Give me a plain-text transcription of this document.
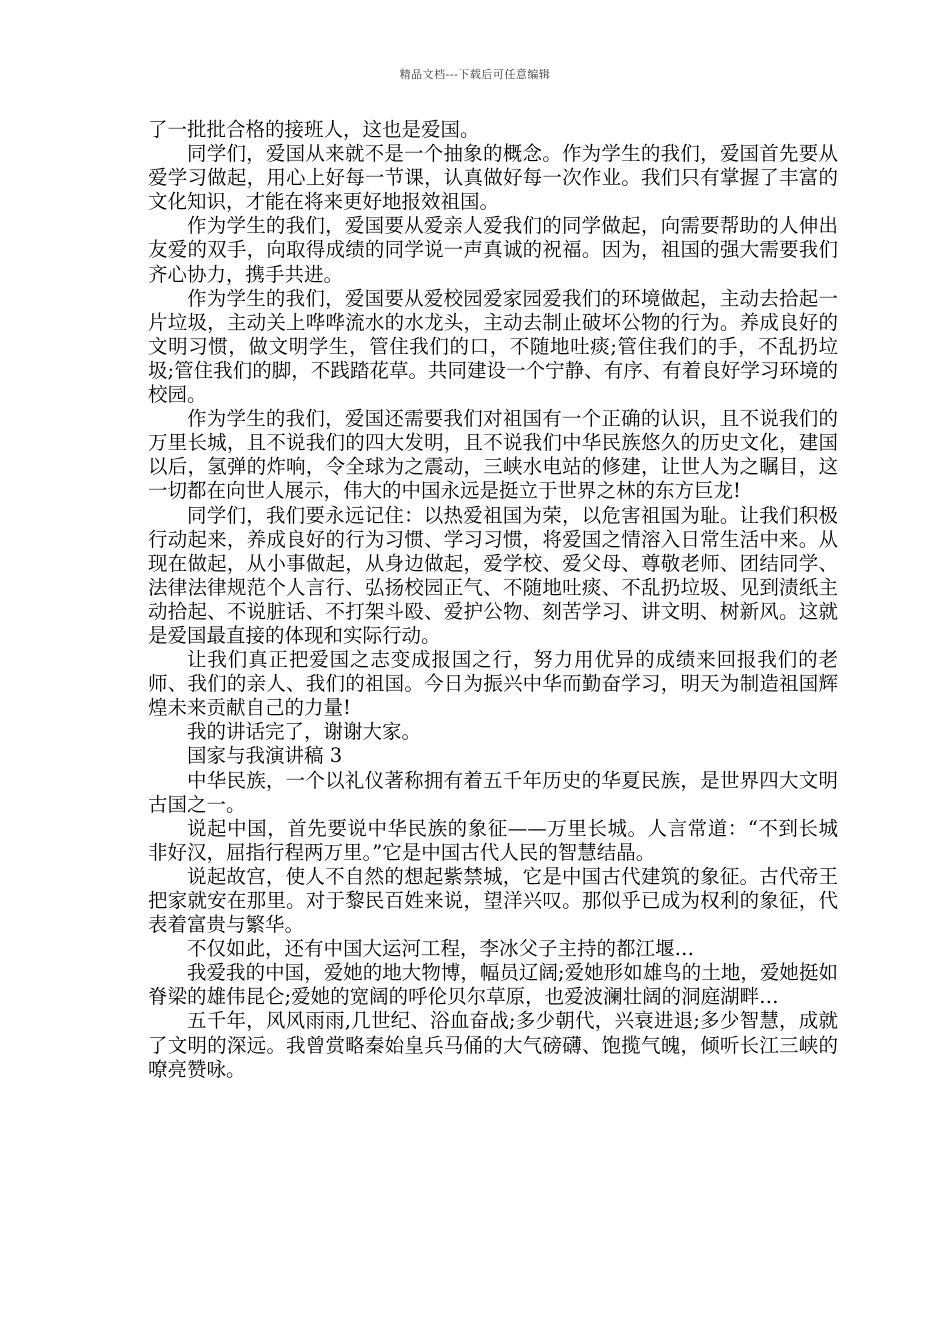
精品文档---下载后可任意编辑

了一批批合格的接班人，这也是爱国。

同学们，爱国从来就不是一个抽象的概念。作为学生的我们，爱国首先要从爱学习做起，用心上好每一节课，认真做好每一次作业。我们只有掌握了丰富的文化知识，才能在将来更好地报效祖国。

作为学生的我们，爱国要从爱亲人爱我们的同学做起，向需要帮助的人伸出友爱的双手，向取得成绩的同学说一声真诚的祝福。因为，祖国的强大需要我们齐心协力，携手共进。

作为学生的我们，爱国要从爱校园爱家园爱我们的环境做起，主动去拾起一片垃圾，主动关上哗哗流水的水龙头，主动去制止破坏公物的行为。养成良好的文明习惯，做文明学生，管住我们的口，不随地吐痰;管住我们的手，不乱扔垃圾;管住我们的脚，不践踏花草。共同建设一个宁静、有序、有着良好学习环境的校园。

作为学生的我们，爱国还需要我们对祖国有一个正确的认识，且不说我们的万里长城，且不说我们的四大发明，且不说我们中华民族悠久的历史文化，建国以后，氢弹的炸响，令全球为之震动，三峡水电站的修建，让世人为之瞩目，这一切都在向世人展示，伟大的中国永远是挺立于世界之林的东方巨龙!

同学们，我们要永远记住：以热爱祖国为荣，以危害祖国为耻。让我们积极行动起来，养成良好的行为习惯、学习习惯，将爱国之情溶入日常生活中来。从现在做起，从小事做起，从身边做起，爱学校、爱父母、尊敬老师、团结同学、法律法律规范个人言行、弘扬校园正气、不随地吐痰、不乱扔垃圾、见到渍纸主动拾起、不说脏话、不打架斗殴、爱护公物、刻苦学习、讲文明、树新风。这就是爱国最直接的体现和实际行动。

让我们真正把爱国之志变成报国之行，努力用优异的成绩来回报我们的老师、我们的亲人、我们的祖国。今日为振兴中华而勤奋学习，明天为制造祖国辉煌未来贡献自己的力量!

我的讲话完了，谢谢大家。

国家与我演讲稿 3

中华民族，一个以礼仪著称拥有着五千年历史的华夏民族，是世界四大文明古国之一。

说起中国，首先要说中华民族的象征——万里长城。人言常道：“不到长城非好汉，屈指行程两万里。”它是中国古代人民的智慧结晶。

说起故宫，使人不自然的想起紫禁城，它是中国古代建筑的象征。古代帝王把家就安在那里。对于黎民百姓来说，望洋兴叹。那似乎已成为权利的象征，代表着富贵与繁华。

不仅如此，还有中国大运河工程，李冰父子主持的都江堰…

我爱我的中国，爱她的地大物博，幅员辽阔;爱她形如雄鸟的土地，爱她挺如脊梁的雄伟昆仑;爱她的宽阔的呼伦贝尔草原，也爱波澜壮阔的洞庭湖畔…

五千年，风风雨雨,几世纪、浴血奋战;多少朝代，兴衰进退;多少智慧，成就了文明的深远。我曾赏略秦始皇兵马俑的大气磅礴、饱揽气魄，倾听长江三峡的嘹亮赞咏。
